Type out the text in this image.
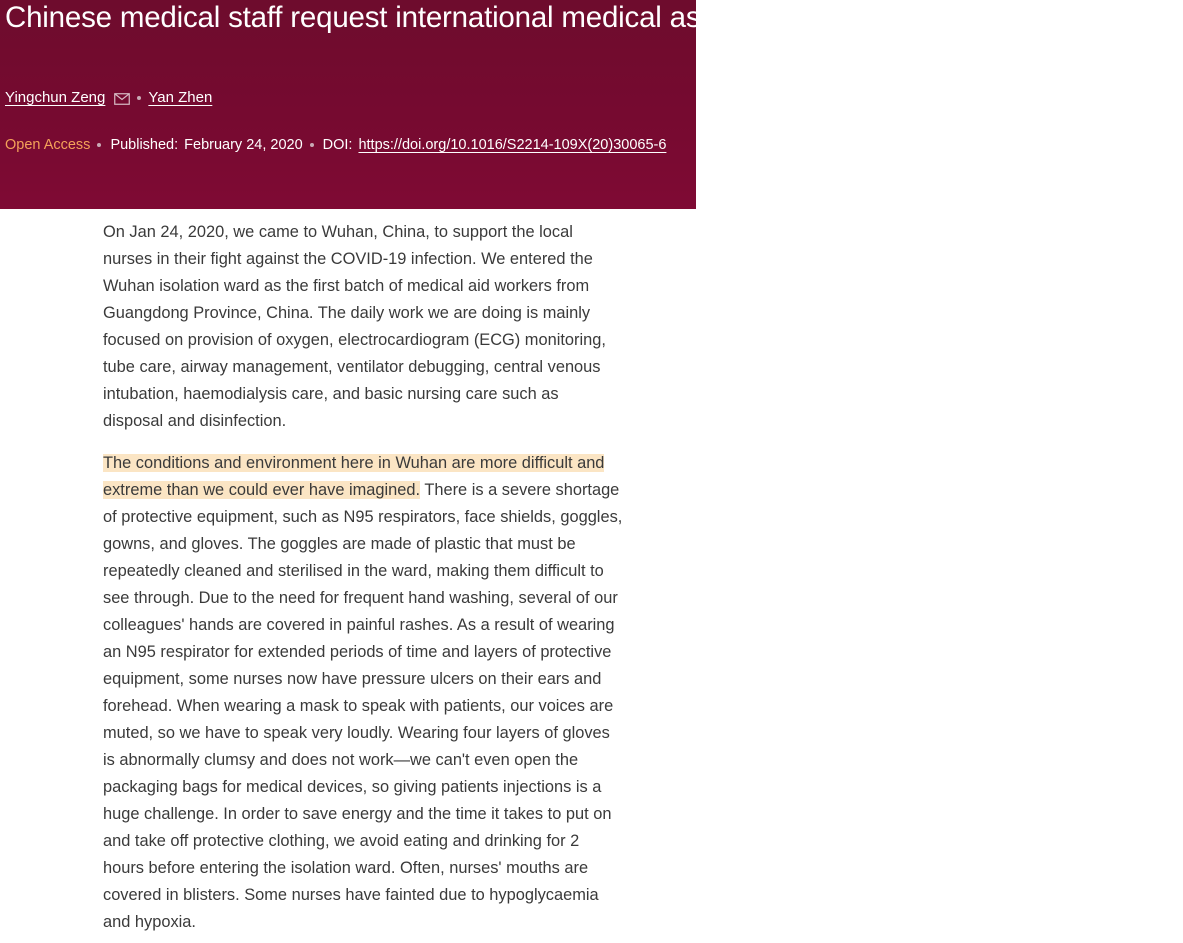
Chinese medical staff request international medical assistance in fighting against COVID-19
Yingchun Zeng	Yan Zhen
Open Access Published: February 24, 2020 DOI: https://doi.org/10.1016/S2214-109X(20)30065-6

On Jan 24, 2020, we came to Wuhan, China, to support the local nurses in their fight against the COVID-19 infection. We entered the Wuhan isolation ward as the first batch of medical aid workers from Guangdong Province, China. The daily work we are doing is mainly focused on provision of oxygen, electrocardiogram (ECG) monitoring, tube care, airway management, ventilator debugging, central venous intubation, haemodialysis care, and basic nursing care such as disposal and disinfection.

The conditions and environment here in Wuhan are more difficult and extreme than we could ever have imagined. There is a severe shortage of protective equipment, such as N95 respirators, face shields, goggles, gowns, and gloves. The goggles are made of plastic that must be repeatedly cleaned and sterilised in the ward, making them difficult to see through. Due to the need for frequent hand washing, several of our colleagues' hands are covered in painful rashes. As a result of wearing an N95 respirator for extended periods of time and layers of protective equipment, some nurses now have pressure ulcers on their ears and forehead. When wearing a mask to speak with patients, our voices are muted, so we have to speak very loudly. Wearing four layers of gloves is abnormally clumsy and does not work—we can't even open the packaging bags for medical devices, so giving patients injections is a huge challenge. In order to save energy and the time it takes to put on and take off protective clothing, we avoid eating and drinking for 2 hours before entering the isolation ward. Often, nurses' mouths are covered in blisters. Some nurses have fainted due to hypoglycaemia and hypoxia.
